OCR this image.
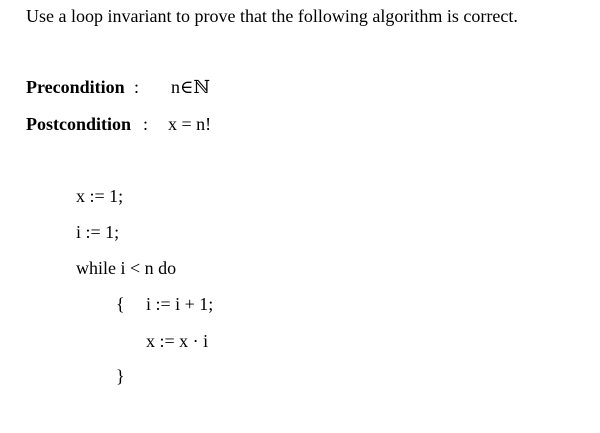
Use a loop invariant to prove that the following algorithm is correct.
Precondition : n∈ℕ
Postcondition : x = n!
x := 1;
i := 1;
while i < n do
{ i := i + 1;
x := x · i
}
